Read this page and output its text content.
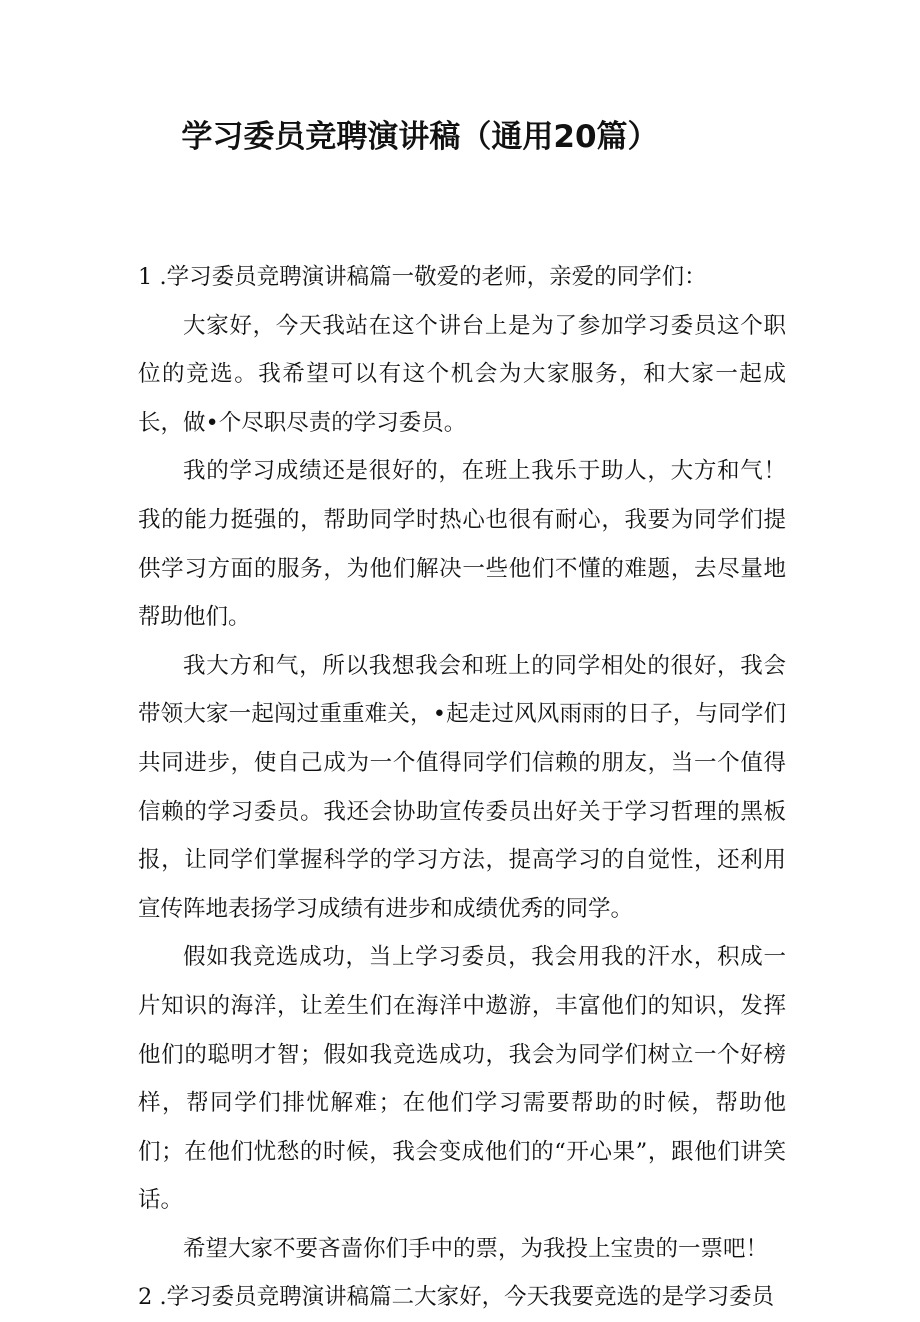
学习委员竞聘演讲稿（通用20篇）

1 .学习委员竞聘演讲稿篇一敬爱的老师，亲爱的同学们：

大家好，今天我站在这个讲台上是为了参加学习委员这个职位的竞选。我希望可以有这个机会为大家服务，和大家一起成长，做•个尽职尽责的学习委员。

我的学习成绩还是很好的，在班上我乐于助人，大方和气！我的能力挺强的，帮助同学时热心也很有耐心，我要为同学们提供学习方面的服务，为他们解决一些他们不懂的难题，去尽量地帮助他们。

我大方和气，所以我想我会和班上的同学相处的很好，我会带领大家一起闯过重重难关，•起走过风风雨雨的日子，与同学们共同进步，使自己成为一个值得同学们信赖的朋友，当一个值得信赖的学习委员。我还会协助宣传委员出好关于学习哲理的黑板报，让同学们掌握科学的学习方法，提高学习的自觉性，还利用宣传阵地表扬学习成绩有进步和成绩优秀的同学。

假如我竞选成功，当上学习委员，我会用我的汗水，积成一片知识的海洋，让差生们在海洋中遨游，丰富他们的知识，发挥他们的聪明才智；假如我竞选成功，我会为同学们树立一个好榜样，帮同学们排忧解难；在他们学习需要帮助的时候，帮助他们；在他们忧愁的时候，我会变成他们的“开心果”，跟他们讲笑话。

希望大家不要吝啬你们手中的票，为我投上宝贵的一票吧！

2 .学习委员竞聘演讲稿篇二大家好，今天我要竞选的是学习委员
